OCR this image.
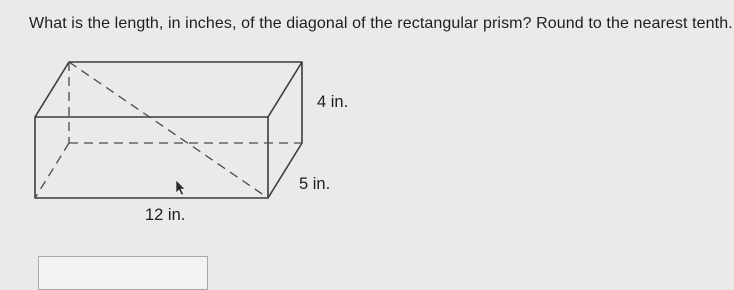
What is the length, in inches, of the diagonal of the rectangular prism? Round to the nearest tenth.
4 in.
5 in.
12 in.
